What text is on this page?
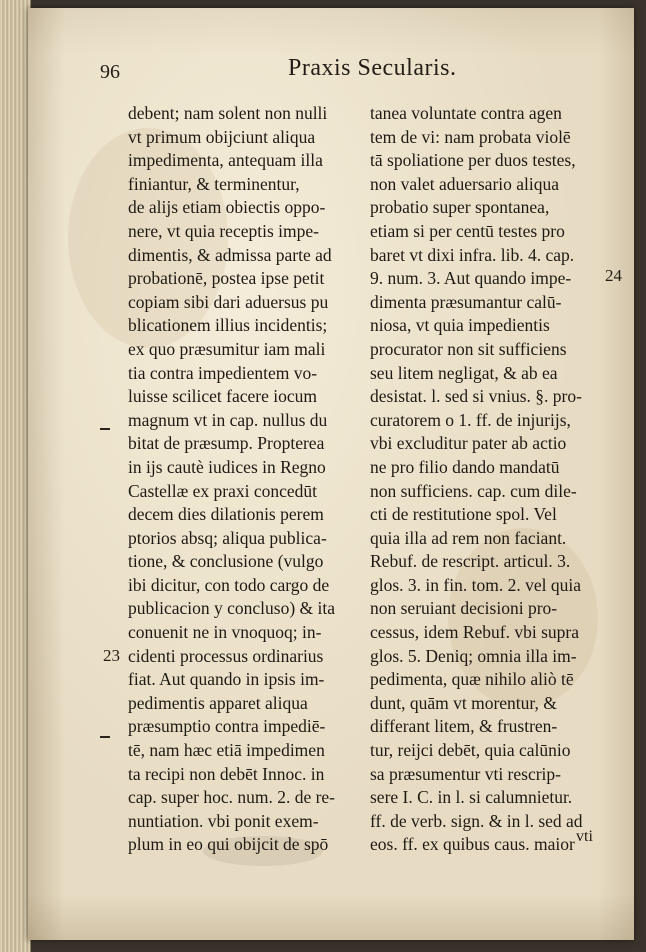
96	Praxis Secularis.
debent; nam solent non nulli
vt primum obijciunt aliqua
impedimenta, antequam illa
finiantur, & terminentur,
de alijs etiam obiectis oppo-
nere, vt quia receptis impe-
dimentis, & admissa parte ad
probationē, postea ipse petit
copiam sibi dari aduersus pu
blicationem illius incidentis;
ex quo præsumitur iam mali
tia contra impedientem vo-
luisse scilicet facere iocum
magnum vt in cap. nullus du
bitat de præsump. Propterea
in ijs cautè iudices in Regno
Castellæ ex praxi concedūt
decem dies dilationis perem
ptorios absq; aliqua publica-
tione, & conclusione (vulgo
ibi dicitur, con todo cargo de
publicacion y concluso) & ita
conuenit ne in vnoquoq; in-
cidenti processus ordinarius
fiat. Aut quando in ipsis im-
pedimentis apparet aliqua
præsumptio contra impediē-
tē, nam hæc etiā impedimen
ta recipi non debēt Innoc. in
cap. super hoc. num. 2. de re-
nuntiation. vbi ponit exem-
plum in eo qui obijcit de spō
tanea voluntate contra agen
tem de vi: nam probata violē
tā spoliatione per duos testes,
non valet aduersario aliqua
probatio super spontanea,
etiam si per centū testes pro
baret vt dixi infra. lib. 4. cap.
9. num. 3. Aut quando impe-
dimenta præsumantur calū-
niosa, vt quia impedientis
procurator non sit sufficiens
seu litem negligat, & ab ea
desistat. l. sed si vnius. §. pro-
curatorem o 1. ff. de injurijs,
vbi excluditur pater ab actio
ne pro filio dando mandatū
non sufficiens. cap. cum dile-
cti de restitutione spol. Vel
quia illa ad rem non faciant.
Rebuf. de rescript. articul. 3.
glos. 3. in fin. tom. 2. vel quia
non seruiant decisioni pro-
cessus, idem Rebuf. vbi supra
glos. 5. Deniq; omnia illa im-
pedimenta, quæ nihilo aliò tē
dunt, quām vt morentur, &
differant litem, & frustren-
tur, reijci debēt, quia calūnio
sa præsumentur vti rescrip-
sere I. C. in l. si calumnietur.
ff. de verb. sign. & in l. sed ad
eos. ff. ex quibus caus. maior
24
23
vti
